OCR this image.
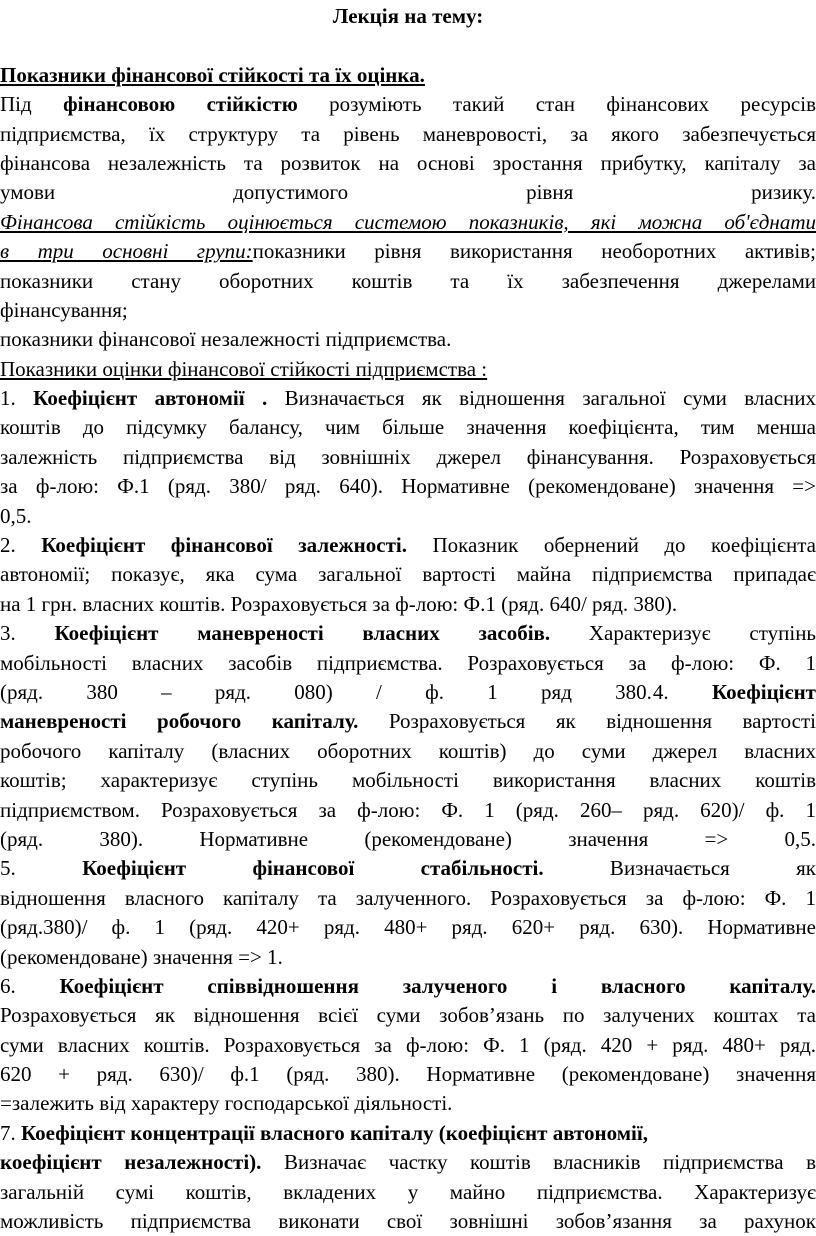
Лекція на тему:
Показники фінансової стійкості та їх оцінка.
Під фінансовою стійкістю розуміють такий стан фінансових ресурсів
підприємства, їх структуру та рівень маневровості, за якого забезпечується
фінансова незалежність та розвиток на основі зростання прибутку, капіталу за
умови допустимого рівня ризику.
Фінансова стійкість оцінюється системою показників, які можна об'єднати
в три основні групи:показники рівня використання необоротних активів;
показники стану оборотних коштів та їх забезпечення джерелами
фінансування;
показники фінансової незалежності підприємства.
Показники оцінки фінансової стійкості підприємства :
1. Коефіцієнт автономії . Визначається як відношення загальної суми власних
коштів до підсумку балансу, чим більше значення коефіцієнта, тим менша
залежність підприємства від зовнішніх джерел фінансування. Розраховується
за ф-лою: Ф.1 (ряд. 380/ ряд. 640). Нормативне (рекомендоване) значення =>
0,5.
2. Коефіцієнт фінансової залежності. Показник обернений до коефіцієнта
автономії; показує, яка сума загальної вартості майна підприємства припадає
на 1 грн. власних коштів. Розраховується за ф-лою: Ф.1 (ряд. 640/ ряд. 380).
3. Коефіцієнт маневреності власних засобів. Характеризує ступінь
мобільності власних засобів підприємства. Розраховується за ф-лою: Ф. 1
(ряд. 380 – ряд. 080) / ф. 1 ряд 380.4. Коефіцієнт
маневреності робочого капіталу. Розраховується як відношення вартості
робочого капіталу (власних оборотних коштів) до суми джерел власних
коштів; характеризує ступінь мобільності використання власних коштів
підприємством. Розраховується за ф-лою: Ф. 1 (ряд. 260– ряд. 620)/ ф. 1
(ряд. 380). Нормативне (рекомендоване) значення => 0,5.
5. Коефіцієнт фінансової стабільності. Визначається як
відношення власного капіталу та залученного. Розраховується за ф-лою: Ф. 1
(ряд.380)/ ф. 1 (ряд. 420+ ряд. 480+ ряд. 620+ ряд. 630). Нормативне
(рекомендоване) значення => 1.
6. Коефіцієнт співвідношення залученого і власного капіталу.
Розраховується як відношення всієї суми зобов’язань по залучених коштах та
суми власних коштів. Розраховується за ф-лою: Ф. 1 (ряд. 420 + ряд. 480+ ряд.
620 + ряд. 630)/ ф.1 (ряд. 380). Нормативне (рекомендоване) значення
=залежить від характеру господарської діяльності.
7. Коефіцієнт концентрації власного капіталу (коефіцієнт автономії,
коефіцієнт незалежності). Визначає частку коштів власників підприємства в
загальній сумі коштів, вкладених у майно підприємства. Характеризує
можливість підприємства виконати свої зовнішні зобов’язання за рахунок
